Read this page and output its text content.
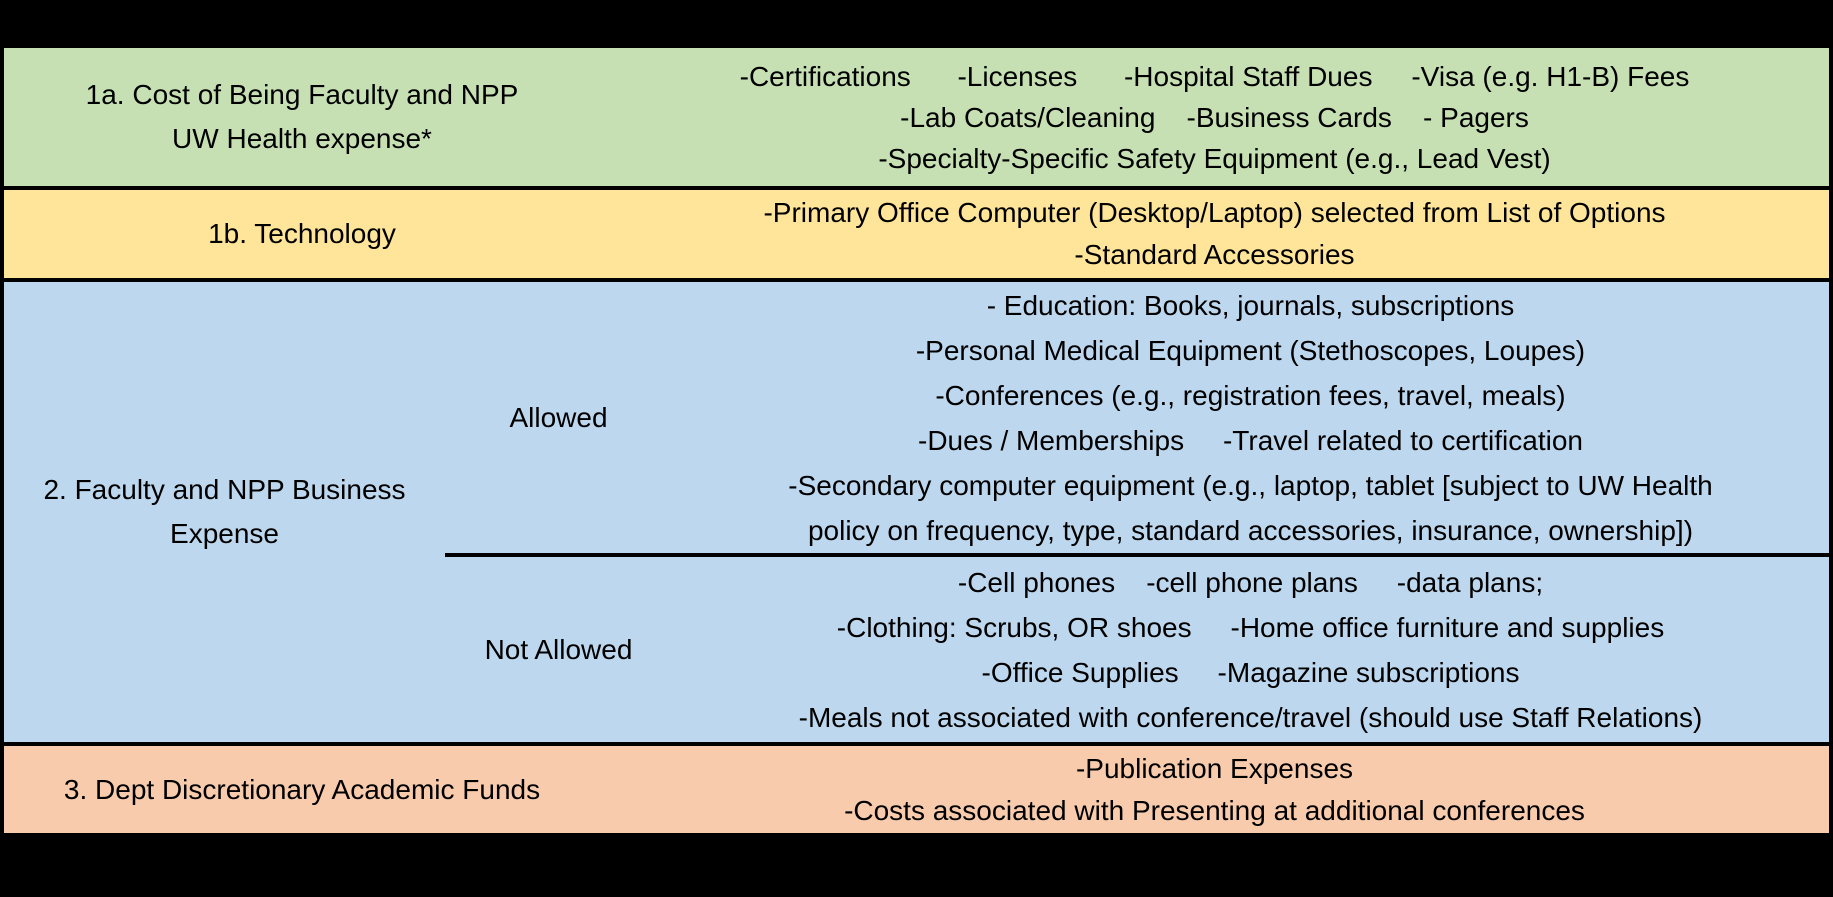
1a. Cost of Being Faculty and NPP
UW Health expense*
-Certifications      -Licenses      -Hospital Staff Dues     -Visa (e.g. H1-B) Fees
-Lab Coats/Cleaning    -Business Cards    - Pagers
-Specialty-Specific Safety Equipment (e.g., Lead Vest)
1b. Technology
-Primary Office Computer (Desktop/Laptop) selected from List of Options
-Standard Accessories
2. Faculty and NPP Business
Expense
Allowed
- Education: Books, journals, subscriptions
-Personal Medical Equipment (Stethoscopes, Loupes)
-Conferences (e.g., registration fees, travel, meals)
-Dues / Memberships     -Travel related to certification
-Secondary computer equipment (e.g., laptop, tablet [subject to UW Health
policy on frequency, type, standard accessories, insurance, ownership])
Not Allowed
-Cell phones    -cell phone plans     -data plans;
-Clothing: Scrubs, OR shoes     -Home office furniture and supplies
-Office Supplies     -Magazine subscriptions
-Meals not associated with conference/travel (should use Staff Relations)
3. Dept Discretionary Academic Funds
-Publication Expenses
-Costs associated with Presenting at additional conferences
